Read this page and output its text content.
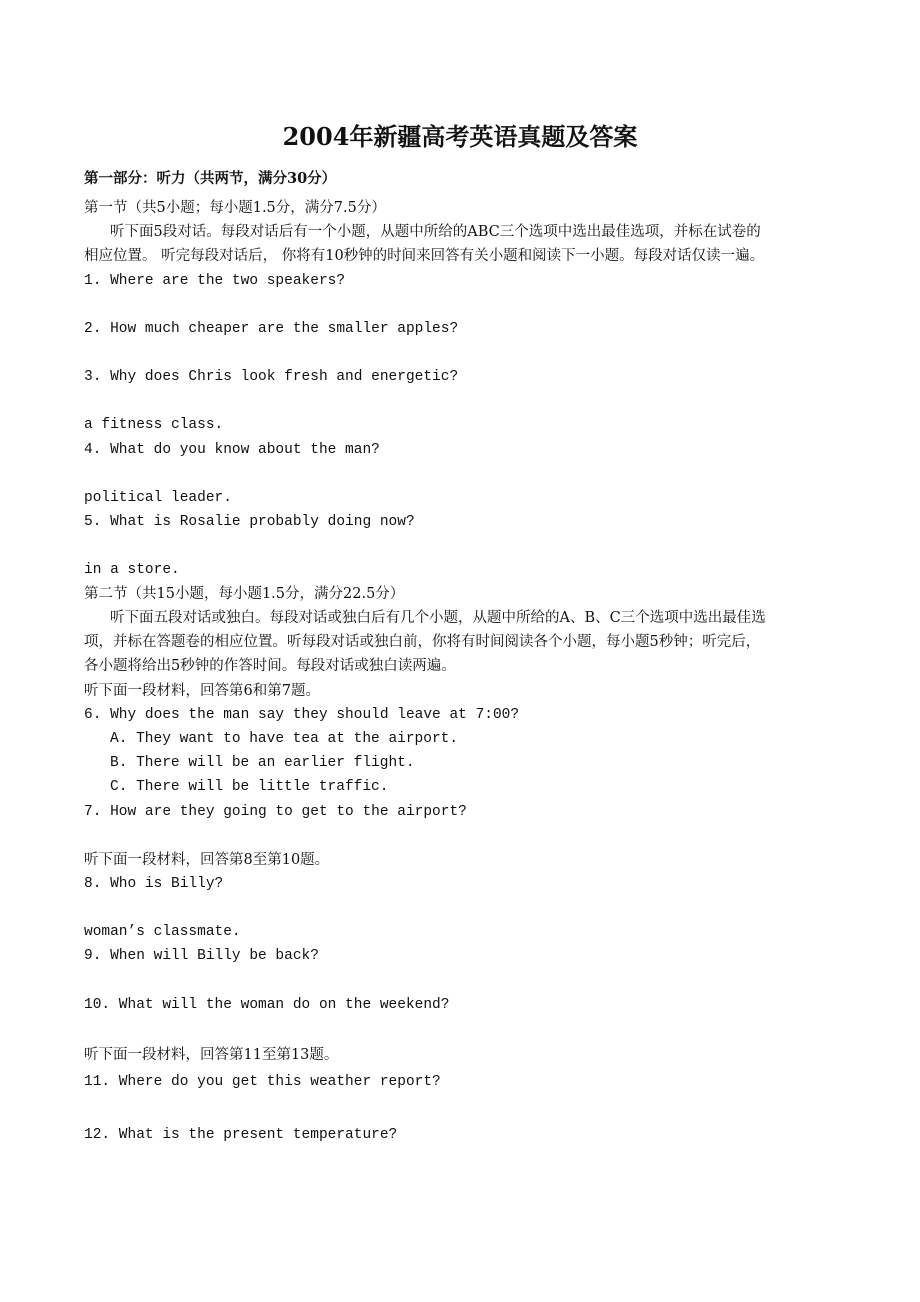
2004年新疆高考英语真题及答案
第一部分：听力（共两节，满分30分）
第一节（共5小题；每小题1.5分，满分7.5分）
听下面5段对话。每段对话后有一个小题，从题中所给的ABC三个选项中选出最佳选项，并标在试卷的
相应位置。 听完每段对话后， 你将有10秒钟的时间来回答有关小题和阅读下一小题。每段对话仅读一遍。
1. Where are the two speakers?
2. How much cheaper are the smaller apples?
3. Why does Chris look fresh and energetic?
a fitness class.
4. What do you know about the man?
political leader.
5. What is Rosalie probably doing now?
in a store.
第二节（共15小题，每小题1.5分，满分22.5分）
听下面五段对话或独白。每段对话或独白后有几个小题，从题中所给的A、B、C三个选项中选出最佳选
项，并标在答题卷的相应位置。听每段对话或独白前，你将有时间阅读各个小题，每小题5秒钟；听完后，
各小题将给出5秒钟的作答时间。每段对话或独白读两遍。
听下面一段材料，回答第6和第7题。
6. Why does the man say they should leave at 7:00?
A. They want to have tea at the airport.
B. There will be an earlier flight.
C. There will be little traffic.
7. How are they going to get to the airport?
听下面一段材料，回答第8至第10题。
8. Who is Billy?
woman’s classmate.
9. When will Billy be back?
10. What will the woman do on the weekend?
听下面一段材料，回答第11至第13题。
11. Where do you get this weather report?
12. What is the present temperature?
